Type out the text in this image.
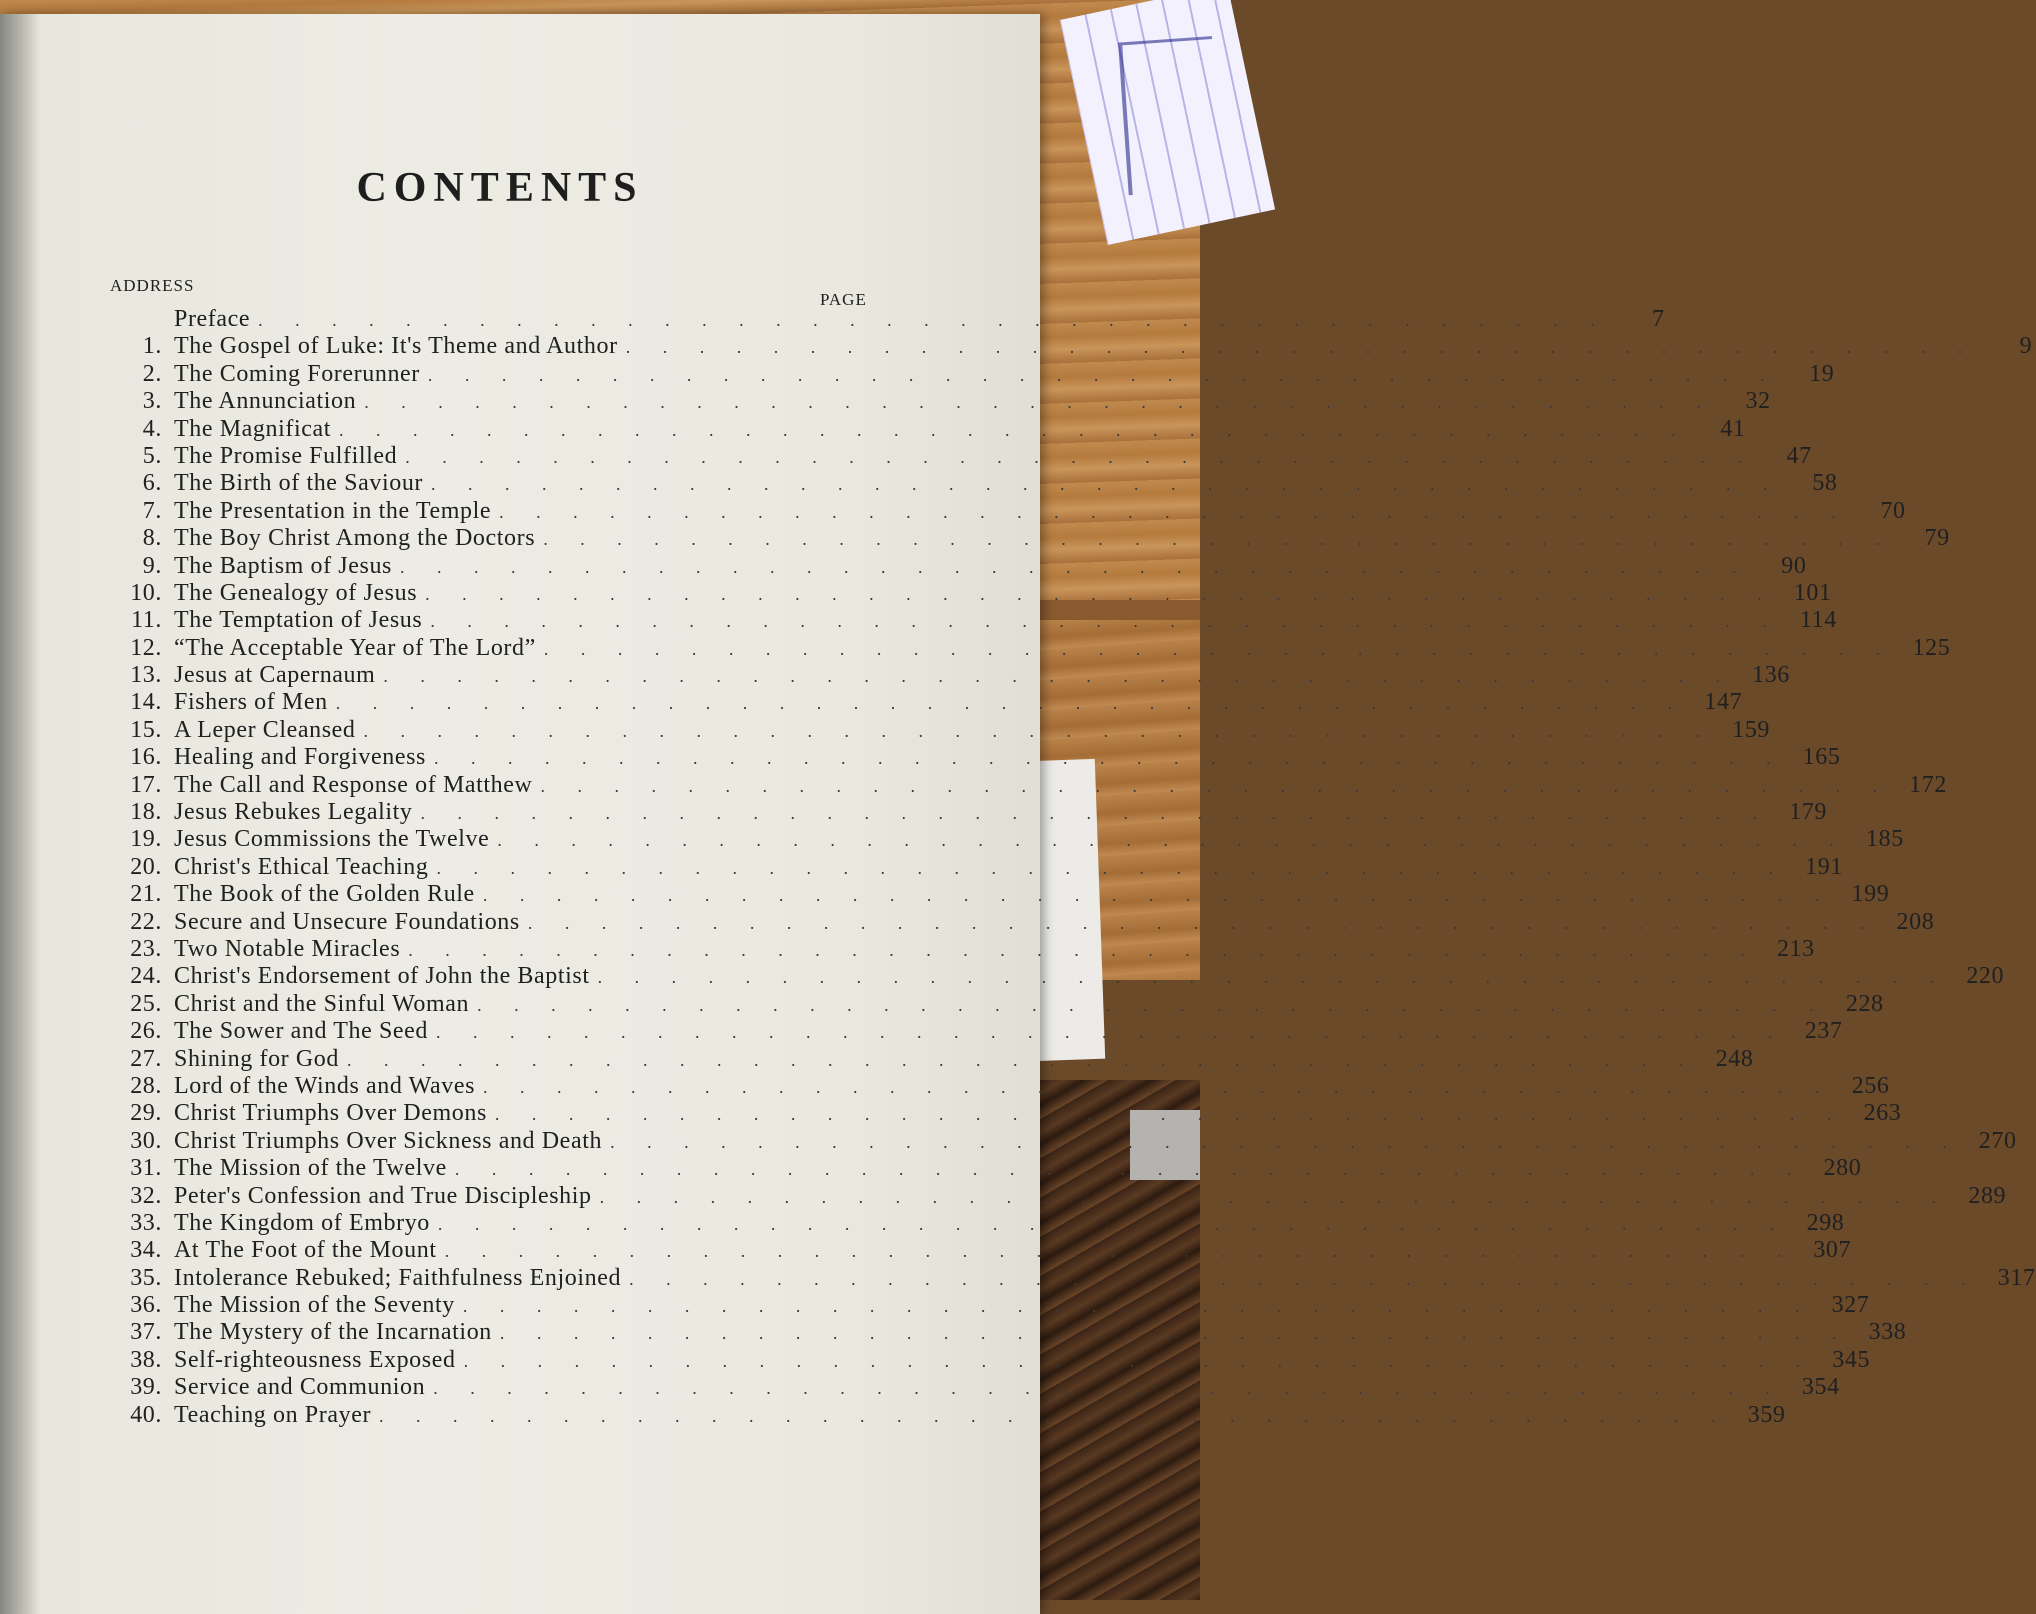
CONTENTS
ADDRESS
PAGE
Preface . . . . . . . . . . . . . . . . . . . . . . . . . . . . . . . . . . . . .	7
1. The Gospel of Luke: It's Theme and Author . . . . . . . . . . . . . . . . . . . . . . . . . . . . . . . . . . . . .	9
2. The Coming Forerunner . . . . . . . . . . . . . . . . . . . . . . . . . . . . . . . . . . . . .	19
3. The Annunciation . . . . . . . . . . . . . . . . . . . . . . . . . . . . . . . . . . . . .	32
4. The Magnificat . . . . . . . . . . . . . . . . . . . . . . . . . . . . . . . . . . . . .	41
5. The Promise Fulfilled . . . . . . . . . . . . . . . . . . . . . . . . . . . . . . . . . . . . .	47
6. The Birth of the Saviour . . . . . . . . . . . . . . . . . . . . . . . . . . . . . . . . . . . . .	58
7. The Presentation in the Temple . . . . . . . . . . . . . . . . . . . . . . . . . . . . . . . . . . . . .	70
8. The Boy Christ Among the Doctors . . . . . . . . . . . . . . . . . . . . . . . . . . . . . . . . . . . . .	79
9. The Baptism of Jesus . . . . . . . . . . . . . . . . . . . . . . . . . . . . . . . . . . . . .	90
10. The Genealogy of Jesus . . . . . . . . . . . . . . . . . . . . . . . . . . . . . . . . . . . . . 101
11. The Temptation of Jesus . . . . . . . . . . . . . . . . . . . . . . . . . . . . . . . . . . . . . 114
12. “The Acceptable Year of The Lord” . . . . . . . . . . . . . . . . . . . . . . . . . . . . . . . . . . . . . 125
13. Jesus at Capernaum . . . . . . . . . . . . . . . . . . . . . . . . . . . . . . . . . . . . . 136
14. Fishers of Men . . . . . . . . . . . . . . . . . . . . . . . . . . . . . . . . . . . . . 147
15. A Leper Cleansed . . . . . . . . . . . . . . . . . . . . . . . . . . . . . . . . . . . . . 159
16. Healing and Forgiveness . . . . . . . . . . . . . . . . . . . . . . . . . . . . . . . . . . . . . 165
17. The Call and Response of Matthew . . . . . . . . . . . . . . . . . . . . . . . . . . . . . . . . . . . . . 172
18. Jesus Rebukes Legality . . . . . . . . . . . . . . . . . . . . . . . . . . . . . . . . . . . . . 179
19. Jesus Commissions the Twelve . . . . . . . . . . . . . . . . . . . . . . . . . . . . . . . . . . . . . 185
20. Christ's Ethical Teaching . . . . . . . . . . . . . . . . . . . . . . . . . . . . . . . . . . . . . 191
21. The Book of the Golden Rule . . . . . . . . . . . . . . . . . . . . . . . . . . . . . . . . . . . . . 199
22. Secure and Unsecure Foundations . . . . . . . . . . . . . . . . . . . . . . . . . . . . . . . . . . . . . 208
23. Two Notable Miracles . . . . . . . . . . . . . . . . . . . . . . . . . . . . . . . . . . . . . 213
24. Christ's Endorsement of John the Baptist . . . . . . . . . . . . . . . . . . . . . . . . . . . . . . . . . . . . . 220
25. Christ and the Sinful Woman . . . . . . . . . . . . . . . . . . . . . . . . . . . . . . . . . . . . . 228
26. The Sower and The Seed . . . . . . . . . . . . . . . . . . . . . . . . . . . . . . . . . . . . . 237
27. Shining for God . . . . . . . . . . . . . . . . . . . . . . . . . . . . . . . . . . . . . 248
28. Lord of the Winds and Waves . . . . . . . . . . . . . . . . . . . . . . . . . . . . . . . . . . . . . 256
29. Christ Triumphs Over Demons . . . . . . . . . . . . . . . . . . . . . . . . . . . . . . . . . . . . . 263
30. Christ Triumphs Over Sickness and Death . . . . . . . . . . . . . . . . . . . . . . . . . . . . . . . . . . . . . 270
31. The Mission of the Twelve . . . . . . . . . . . . . . . . . . . . . . . . . . . . . . . . . . . . . 280
32. Peter's Confession and True Discipleship . . . . . . . . . . . . . . . . . . . . . . . . . . . . . . . . . . . . . 289
33. The Kingdom of Embryo . . . . . . . . . . . . . . . . . . . . . . . . . . . . . . . . . . . . . 298
34. At The Foot of the Mount . . . . . . . . . . . . . . . . . . . . . . . . . . . . . . . . . . . . . 307
35. Intolerance Rebuked; Faithfulness Enjoined . . . . . . . . . . . . . . . . . . . . . . . . . . . . . . . . . . . . . 317
36. The Mission of the Seventy . . . . . . . . . . . . . . . . . . . . . . . . . . . . . . . . . . . . . 327
37. The Mystery of the Incarnation . . . . . . . . . . . . . . . . . . . . . . . . . . . . . . . . . . . . . 338
38. Self-righteousness Exposed . . . . . . . . . . . . . . . . . . . . . . . . . . . . . . . . . . . . . 345
39. Service and Communion . . . . . . . . . . . . . . . . . . . . . . . . . . . . . . . . . . . . . 354
40. Teaching on Prayer . . . . . . . . . . . . . . . . . . . . . . . . . . . . . . . . . . . . . 359
